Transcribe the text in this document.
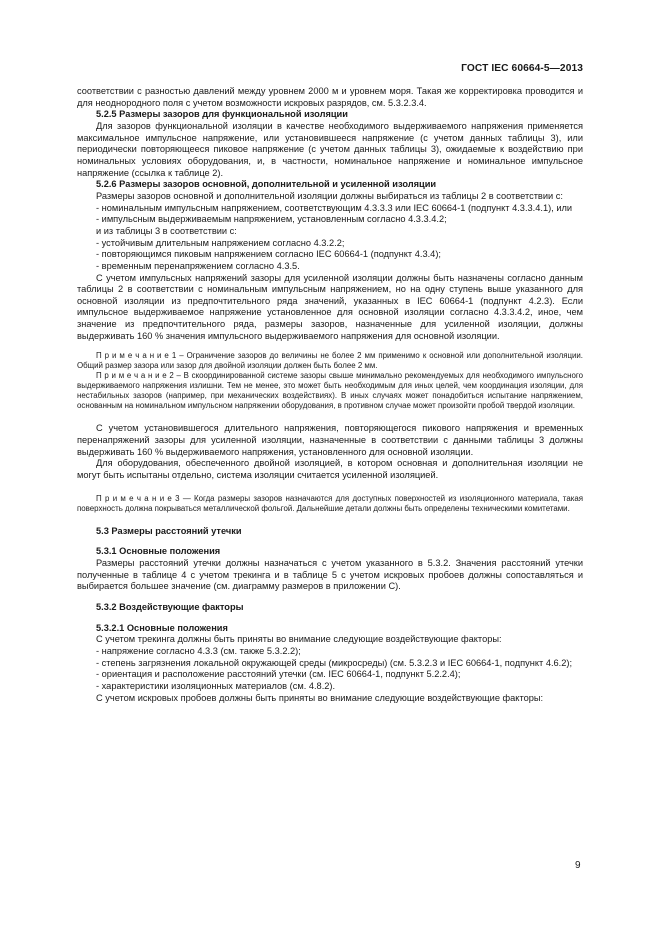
ГОСТ IEC 60664-5—2013

соответствии с разностью давлений между уровнем 2000 м и уровнем моря. Такая же корректировка проводится и для неоднородного поля с учетом возможности искровых разрядов, см. 5.3.2.3.4.

5.2.5 Размеры зазоров для функциональной изоляции

Для зазоров функциональной изоляции в качестве необходимого выдерживаемого напряжения применяется максимальное импульсное напряжение, или установившееся напряжение (с учетом данных таблицы 3), или периодически повторяющееся пиковое напряжение (с учетом данных таблицы 3), ожидаемые к воздействию при номинальных условиях оборудования, и, в частности, номинальное напряжение и номинальное импульсное напряжение (ссылка к таблице 2).

5.2.6 Размеры зазоров основной, дополнительной и усиленной изоляции

Размеры зазоров основной и дополнительной изоляции должны выбираться из таблицы 2 в соответствии с:

- номинальным импульсным напряжением, соответствующим 4.3.3.3 или IEC 60664-1 (подпункт 4.3.3.4.1), или

- импульсным выдерживаемым напряжением, установленным согласно 4.3.3.4.2;

и из таблицы 3 в соответствии с:

- устойчивым длительным напряжением согласно 4.3.2.2;

- повторяющимся пиковым напряжением согласно IEC 60664-1 (подпункт 4.3.4);

- временным перенапряжением согласно 4.3.5.

С учетом импульсных напряжений зазоры для усиленной изоляции должны быть назначены согласно данным таблицы 2 в соответствии с номинальным импульсным напряжением, но на одну ступень выше указанного для основной изоляции из предпочтительного ряда значений, указанных в IEC 60664-1 (подпункт 4.2.3). Если импульсное выдерживаемое напряжение установленное для основной изоляции согласно 4.3.3.4.2, иное, чем значение из предпочтительного ряда, размеры зазоров, назначенные для усиленной изоляции, должны выдерживать 160 % значения импульсного выдерживаемого напряжения для основной изоляции.

П р и м е ч а н и е 1 – Ограничение зазоров до величины не более 2 мм применимо к основной или дополнительной изоляции. Общий размер зазора или зазор для двойной изоляции должен быть более 2 мм.

П р и м е ч а н и е 2 – В скоординированной системе зазоры свыше минимально рекомендуемых для необходимого импульсного выдерживаемого напряжения излишни. Тем не менее, это может быть необходимым для иных целей, чем координация изоляции, для нестабильных зазоров (например, при механических воздействиях). В иных случаях может понадобиться испытание напряжением, основанным на номинальном импульсном напряжении оборудования, в противном случае может произойти пробой твердой изоляции.

С учетом установившегося длительного напряжения, повторяющегося пикового напряжения и временных перенапряжений зазоры для усиленной изоляции, назначенные в соответствии с данными таблицы 3 должны выдерживать 160 % выдерживаемого напряжения, установленного для основной изоляции.

Для оборудования, обеспеченного двойной изоляцией, в котором основная и дополнительная изоляции не могут быть испытаны отдельно, система изоляции считается усиленной изоляцией.

П р и м е ч а н и е 3 — Когда размеры зазоров назначаются для доступных поверхностей из изоляционного материала, такая поверхность должна покрываться металлической фольгой. Дальнейшие детали должны быть определены техническими комитетами.

5.3 Размеры расстояний утечки

5.3.1 Основные положения

Размеры расстояний утечки должны назначаться с учетом указанного в 5.3.2. Значения расстояний утечки полученные в таблице 4 с учетом трекинга и в таблице 5 с учетом искровых пробоев должны сопоставляться и выбирается большее значение (см. диаграмму размеров в приложении С).

5.3.2 Воздействующие факторы

5.3.2.1 Основные положения

С учетом трекинга должны быть приняты во внимание следующие воздействующие факторы:

- напряжение согласно 4.3.3 (см. также 5.3.2.2);

- степень загрязнения локальной окружающей среды (микросреды) (см. 5.3.2.3 и IEC 60664-1, подпункт 4.6.2);

- ориентация и расположение расстояний утечки (см. IEC 60664-1, подпункт 5.2.2.4);

- характеристики изоляционных материалов (см. 4.8.2).

С учетом искровых пробоев должны быть приняты во внимание следующие воздействующие факторы:

9
